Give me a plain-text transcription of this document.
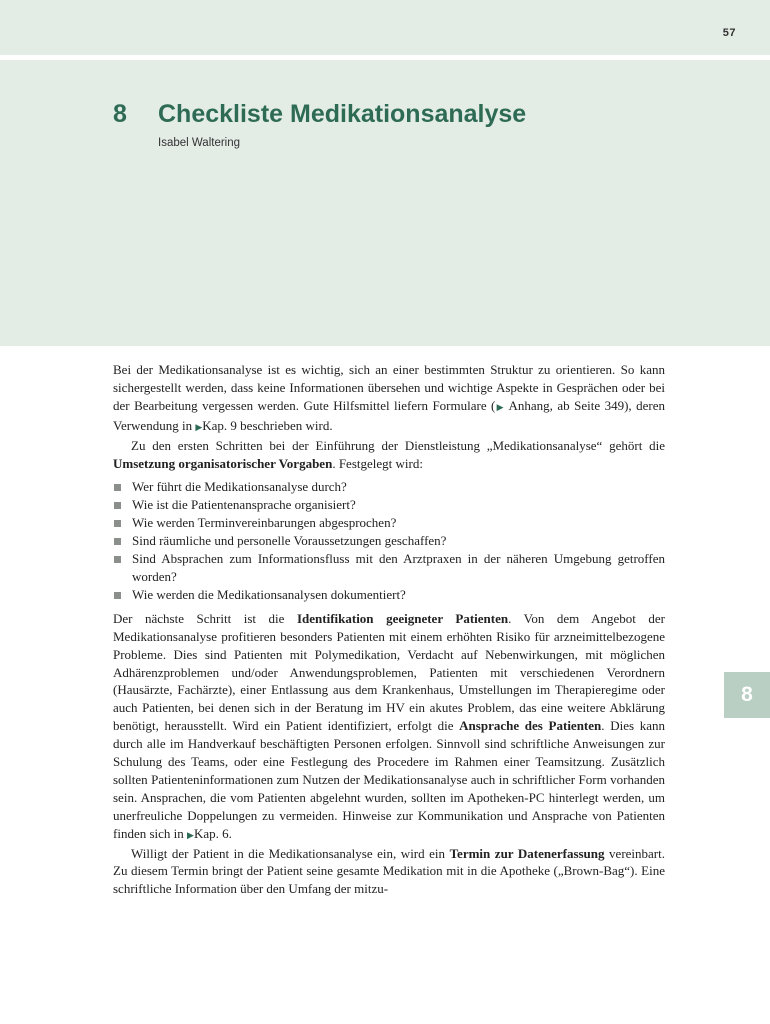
57
8 Checkliste Medikationsanalyse
Isabel Waltering
8

Bei der Medikationsanalyse ist es wichtig, sich an einer bestimmten Struktur zu orientieren. So kann sichergestellt werden, dass keine Informationen übersehen und wichtige Aspekte in Gesprächen oder bei der Bearbeitung vergessen werden. Gute Hilfsmittel liefern Formulare (▶ Anhang, ab Seite 349), deren Verwendung in ▶Kap. 9 beschrieben wird.

Zu den ersten Schritten bei der Einführung der Dienstleistung „Medikationsanalyse“ gehört die Umsetzung organisatorischer Vorgaben. Festgelegt wird:

Wer führt die Medikationsanalyse durch?
Wie ist die Patientenansprache organisiert?
Wie werden Terminvereinbarungen abgesprochen?
Sind räumliche und personelle Voraussetzungen geschaffen?
Sind Absprachen zum Informationsfluss mit den Arztpraxen in der näheren Umgebung getroffen worden?
Wie werden die Medikationsanalysen dokumentiert?

Der nächste Schritt ist die Identifikation geeigneter Patienten. Von dem Angebot der Medikationsanalyse profitieren besonders Patienten mit einem erhöhten Risiko für arzneimittelbezogene Probleme. Dies sind Patienten mit Polymedikation, Verdacht auf Nebenwirkungen, mit möglichen Adhärenzproblemen und/oder Anwendungsproblemen, Patienten mit verschiedenen Verordnern (Hausärzte, Fachärzte), einer Entlassung aus dem Krankenhaus, Umstellungen im Therapieregime oder auch Patienten, bei denen sich in der Beratung im HV ein akutes Problem, das eine weitere Abklärung benötigt, herausstellt. Wird ein Patient identifiziert, erfolgt die Ansprache des Patienten. Dies kann durch alle im Handverkauf beschäftigten Personen erfolgen. Sinnvoll sind schriftliche Anweisungen zur Schulung des Teams, oder eine Festlegung des Procedere im Rahmen einer Teamsitzung. Zusätzlich sollten Patienteninformationen zum Nutzen der Medikationsanalyse auch in schriftlicher Form vorhanden sein. Ansprachen, die vom Patienten abgelehnt wurden, sollten im Apotheken-PC hinterlegt werden, um unerfreuliche Doppelungen zu vermeiden. Hinweise zur Kommunikation und Ansprache von Patienten finden sich in ▶Kap. 6.

Willigt der Patient in die Medikationsanalyse ein, wird ein Termin zur Datenerfassung vereinbart. Zu diesem Termin bringt der Patient seine gesamte Medikation mit in die Apotheke („Brown-Bag“). Eine schriftliche Information über den Umfang der mitzu-
